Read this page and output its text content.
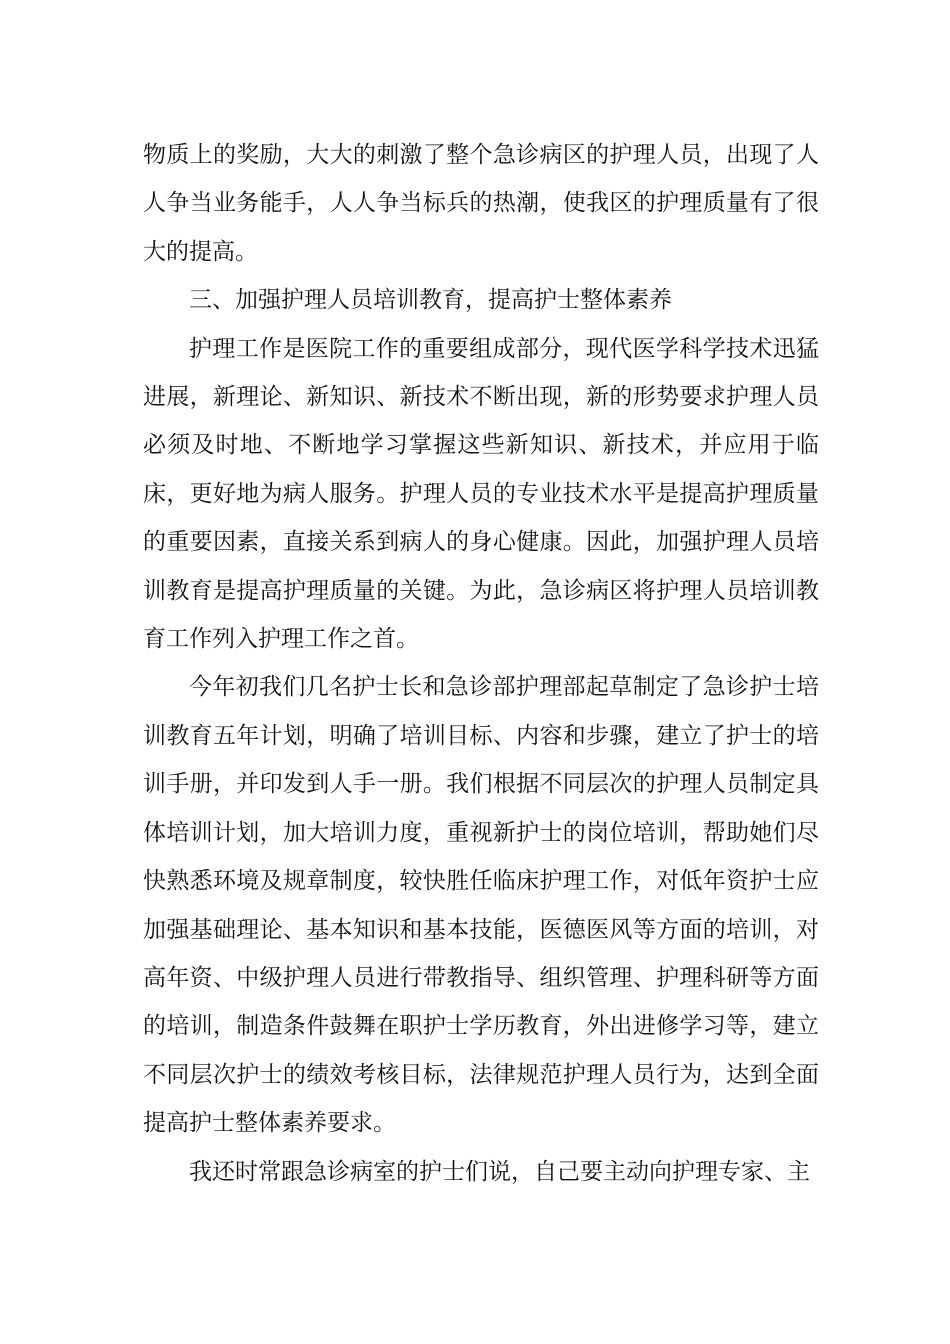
物质上的奖励，大大的刺激了整个急诊病区的护理人员，出现了人人争当业务能手，人人争当标兵的热潮，使我区的护理质量有了很大的提高。

三、加强护理人员培训教育，提高护士整体素养

护理工作是医院工作的重要组成部分，现代医学科学技术迅猛进展，新理论、新知识、新技术不断出现，新的形势要求护理人员必须及时地、不断地学习掌握这些新知识、新技术，并应用于临床，更好地为病人服务。护理人员的专业技术水平是提高护理质量的重要因素，直接关系到病人的身心健康。因此，加强护理人员培训教育是提高护理质量的关键。为此，急诊病区将护理人员培训教育工作列入护理工作之首。

今年初我们几名护士长和急诊部护理部起草制定了急诊护士培训教育五年计划，明确了培训目标、内容和步骤，建立了护士的培训手册，并印发到人手一册。我们根据不同层次的护理人员制定具体培训计划，加大培训力度，重视新护士的岗位培训，帮助她们尽快熟悉环境及规章制度，较快胜任临床护理工作，对低年资护士应加强基础理论、基本知识和基本技能，医德医风等方面的培训，对高年资、中级护理人员进行带教指导、组织管理、护理科研等方面的培训，制造条件鼓舞在职护士学历教育，外出进修学习等，建立不同层次护士的绩效考核目标，法律规范护理人员行为，达到全面提高护士整体素养要求。

我还时常跟急诊病室的护士们说，自己要主动向护理专家、主
